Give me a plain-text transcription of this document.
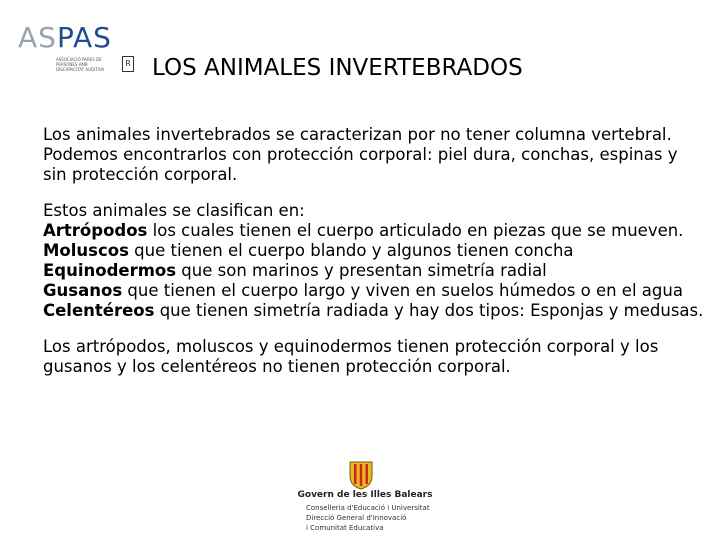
ASPAS
ASSOCIACIÓ PARES DE PERSONES AMB DISCAPACITAT AUDITIVA
R LOS ANIMALES INVERTEBRADOS
Los animales invertebrados se caracterizan por no tener columna vertebral.
Podemos encontrarlos con protección corporal: piel dura, conchas, espinas y
sin protección corporal.
Estos animales se clasifican en:
Artrópodos los cuales tienen el cuerpo articulado en piezas que se mueven.
Moluscos que tienen el cuerpo blando y algunos tienen concha
Equinodermos que son marinos y presentan simetría radial
Gusanos que tienen el cuerpo largo y viven en suelos húmedos o en el agua
Celentéreos que tienen simetría radiada y hay dos tipos: Esponjas y medusas.
Los artrópodos, moluscos y equinodermos tienen protección corporal y los
gusanos y los celentéreos no tienen protección corporal.
Govern de les Illes Balears
Conselleria d'Educació i Universitat
Direcció General d'Innovació
i Comunitat Educativa
